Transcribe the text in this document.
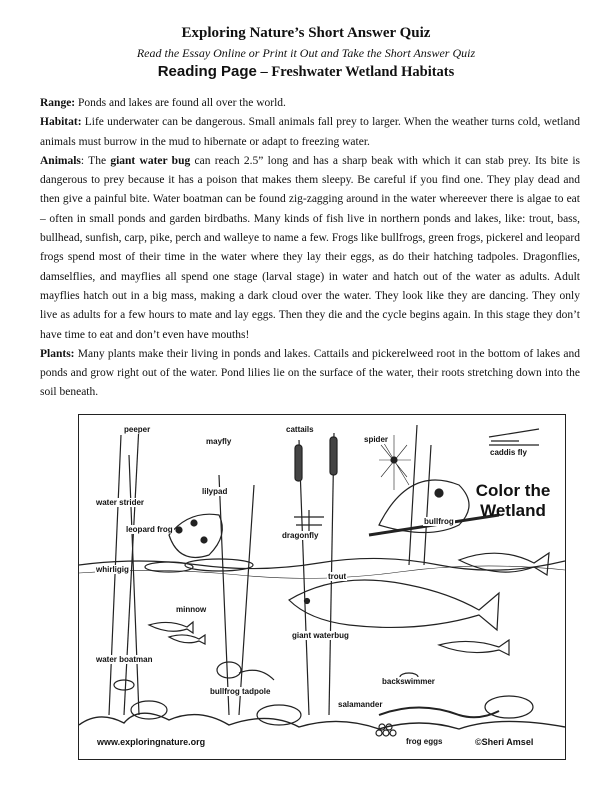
Exploring Nature’s Short Answer Quiz
Read the Essay Online or Print it Out and Take the Short Answer Quiz
Reading Page – Freshwater Wetland Habitats

Range: Ponds and lakes are found all over the world.

Habitat: Life underwater can be dangerous. Small animals fall prey to larger. When the weather turns cold, wetland animals must burrow in the mud to hibernate or adapt to freezing water.

Animals: The giant water bug can reach 2.5” long and has a sharp beak with which it can stab prey. Its bite is dangerous to prey because it has a poison that makes them sleepy. Be careful if you find one. They play dead and then give a painful bite. Water boatman can be found zig-zagging around in the water whereever there is algae to eat – often in small ponds and garden birdbaths. Many kinds of fish live in northern ponds and lakes, like: trout, bass, bullhead, sunfish, carp, pike, perch and walleye to name a few. Frogs like bullfrogs, green frogs, pickerel and leopard frogs spend most of their time in the water where they lay their eggs, as do their hatching tadpoles. Dragonflies, damselflies, and mayflies all spend one stage (larval stage) in water and hatch out of the water as adults. Adult mayflies hatch out in a big mass, making a dark cloud over the water. They look like they are dancing. They only live as adults for a few hours to mate and lay eggs. Then they die and the cycle begins again. In this stage they don’t have time to eat and don’t even have mouths!

Plants: Many plants make their living in ponds and lakes. Cattails and pickerelweed root in the bottom of lakes and ponds and grow right out of the water. Pond lilies lie on the surface of the water, their roots stretching down into the soil beneath.

Color the
Wetland
peeper
mayfly
cattails
spider
caddis fly
lilypad
water strider
leopard frog
bullfrog
dragonfly
whirligig
trout
minnow
giant waterbug
water boatman
bullfrog tadpole
backswimmer
salamander
frog eggs
www.exploringnature.org	©Sheri Amsel
